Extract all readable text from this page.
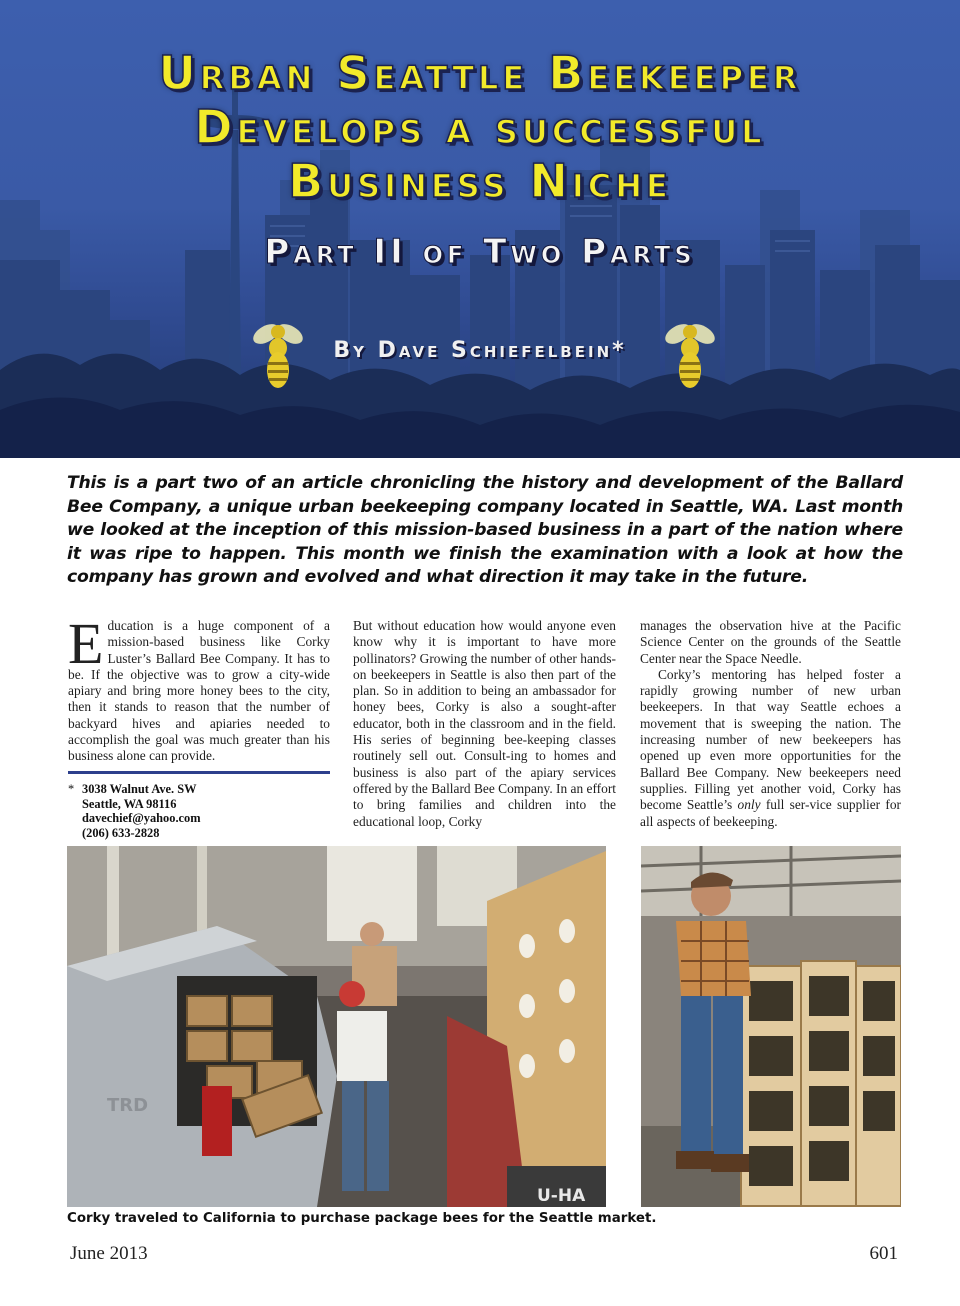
Urban Seattle Beekeeper
Develops a successful
Business Niche
Part II of Two Parts
By Dave Schiefelbein*
This is a part two of an article chronicling the history and development of the Ballard Bee Company, a unique urban beekeeping company located in Seattle, WA. Last month we looked at the inception of this mission-based business in a part of the nation where it was ripe to happen. This month we finish the examination with a look at how the company has grown and evolved and what direction it may take in the future.

Education is a huge component of a mission-based business like Corky Luster’s Ballard Bee Company. It has to be. If the objective was to grow a city-wide apiary and bring more honey bees to the city, then it stands to reason that the number of backyard hives and apiaries needed to accomplish the goal was much greater than his business alone can provide.

* 3038 Walnut Ave. SW
Seattle, WA 98116
davechief@yahoo.com
(206) 633-2828

But without education how would anyone even know why it is important to have more pollinators? Growing the number of other hands-on beekeepers in Seattle is also then part of the plan. So in addition to being an ambassador for honey bees, Corky is also a sought-after educator, both in the classroom and in the field. His series of beginning bee-keeping classes routinely sell out. Consult-ing to homes and business is also part of the apiary services offered by the Ballard Bee Company. In an effort to bring families and children into the educational loop, Corky

manages the observation hive at the Pacific Science Center on the grounds of the Seattle Center near the Space Needle.

Corky’s mentoring has helped foster a rapidly growing number of new urban beekeepers. In that way Seattle echoes a movement that is sweeping the nation. The increasing number of new beekeepers has opened up even more opportunities for the Ballard Bee Company. New beekeepers need supplies. Filling yet another void, Corky has become Seattle’s only full ser-vice supplier for all aspects of beekeeping.

TRD
U-HA
Corky traveled to California to purchase package bees for the Seattle market.
June 2013	601
